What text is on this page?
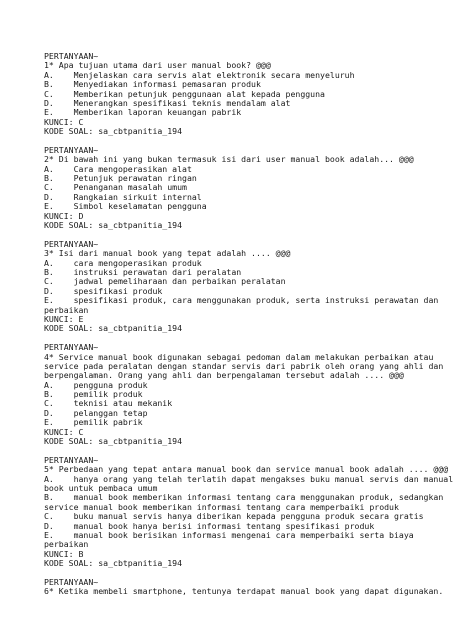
PERTANYAAN~
1* Apa tujuan utama dari user manual book? @@@
A.    Menjelaskan cara servis alat elektronik secara menyeluruh
B.    Menyediakan informasi pemasaran produk
C.    Memberikan petunjuk penggunaan alat kepada pengguna
D.    Menerangkan spesifikasi teknis mendalam alat
E.    Memberikan laporan keuangan pabrik
KUNCI: C
KODE SOAL: sa_cbtpanitia_194
PERTANYAAN~
2* Di bawah ini yang bukan termasuk isi dari user manual book adalah... @@@
A.    Cara mengoperasikan alat
B.    Petunjuk perawatan ringan
C.    Penanganan masalah umum
D.    Rangkaian sirkuit internal
E.    Simbol keselamatan pengguna
KUNCI: D
KODE SOAL: sa_cbtpanitia_194
PERTANYAAN~
3* Isi dari manual book yang tepat adalah .... @@@
A.    cara mengoperasikan produk
B.    instruksi perawatan dari peralatan
C.    jadwal pemeliharaan dan perbaikan peralatan
D.    spesifikasi produk
E.    spesifikasi produk, cara menggunakan produk, serta instruksi perawatan dan
perbaikan
KUNCI: E
KODE SOAL: sa_cbtpanitia_194
PERTANYAAN~
4* Service manual book digunakan sebagai pedoman dalam melakukan perbaikan atau
service pada peralatan dengan standar servis dari pabrik oleh orang yang ahli dan
berpengalaman. Orang yang ahli dan berpengalaman tersebut adalah .... @@@
A.    pengguna produk
B.    pemilik produk
C.    teknisi atau mekanik
D.    pelanggan tetap
E.    pemilik pabrik
KUNCI: C
KODE SOAL: sa_cbtpanitia_194
PERTANYAAN~
5* Perbedaan yang tepat antara manual book dan service manual book adalah .... @@@
A.    hanya orang yang telah terlatih dapat mengakses buku manual servis dan manual
book untuk pembaca umum
B.    manual book memberikan informasi tentang cara menggunakan produk, sedangkan
service manual book memberikan informasi tentang cara memperbaiki produk
C.    buku manual servis hanya diberikan kepada pengguna produk secara gratis
D.    manual book hanya berisi informasi tentang spesifikasi produk
E.    manual book berisikan informasi mengenai cara memperbaiki serta biaya
perbaikan
KUNCI: B
KODE SOAL: sa_cbtpanitia_194
PERTANYAAN~
6* Ketika membeli smartphone, tentunya terdapat manual book yang dapat digunakan.
